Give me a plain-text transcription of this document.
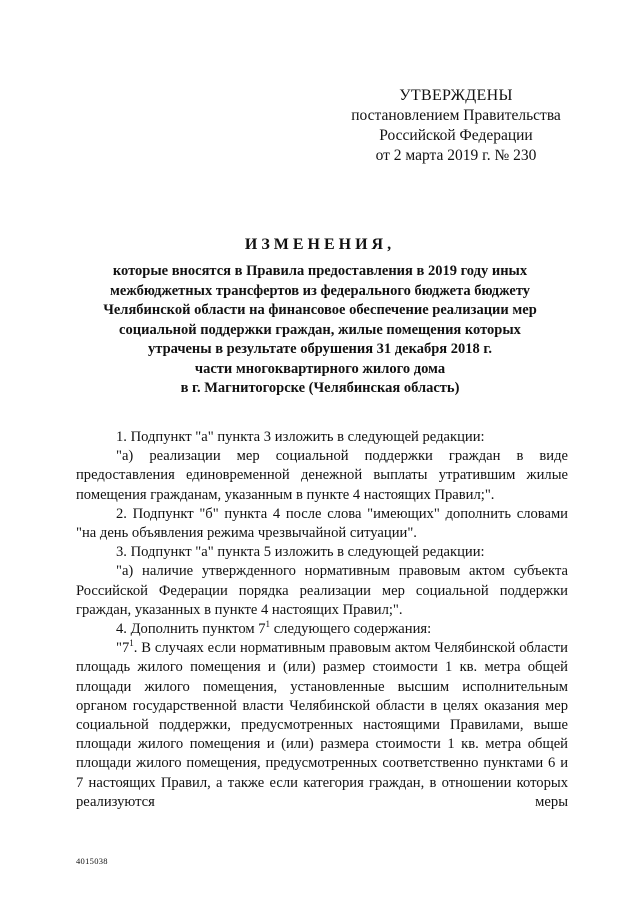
УТВЕРЖДЕНЫ
постановлением Правительства
Российской Федерации
от 2 марта 2019 г. № 230
ИЗМЕНЕНИЯ,
которые вносятся в Правила предоставления в 2019 году иных
межбюджетных трансфертов из федерального бюджета бюджету
Челябинской области на финансовое обеспечение реализации мер
социальной поддержки граждан, жилые помещения которых
утрачены в результате обрушения 31 декабря 2018 г.
части многоквартирного жилого дома
в г. Магнитогорске (Челябинская область)

1. Подпункт "а" пункта 3 изложить в следующей редакции:

"а) реализации мер социальной поддержки граждан в виде предоставления единовременной денежной выплаты утратившим жилые помещения гражданам, указанным в пункте 4 настоящих Правил;".

2. Подпункт "б" пункта 4 после слова "имеющих" дополнить словами "на день объявления режима чрезвычайной ситуации".

3. Подпункт "а" пункта 5 изложить в следующей редакции:

"а) наличие утвержденного нормативным правовым актом субъекта Российской Федерации порядка реализации мер социальной поддержки граждан, указанных в пункте 4 настоящих Правил;".

4. Дополнить пунктом $7^1$ следующего содержания:

"$7^1$. В случаях если нормативным правовым актом Челябинской области площадь жилого помещения и (или) размер стоимости 1 кв. метра общей площади жилого помещения, установленные высшим исполнительным органом государственной власти Челябинской области в целях оказания мер социальной поддержки, предусмотренных настоящими Правилами, выше площади жилого помещения и (или) размера стоимости 1 кв. метра общей площади жилого помещения, предусмотренных соответственно пунктами 6 и 7 настоящих Правил, а также если категория граждан, в отношении которых реализуются меры

4015038
